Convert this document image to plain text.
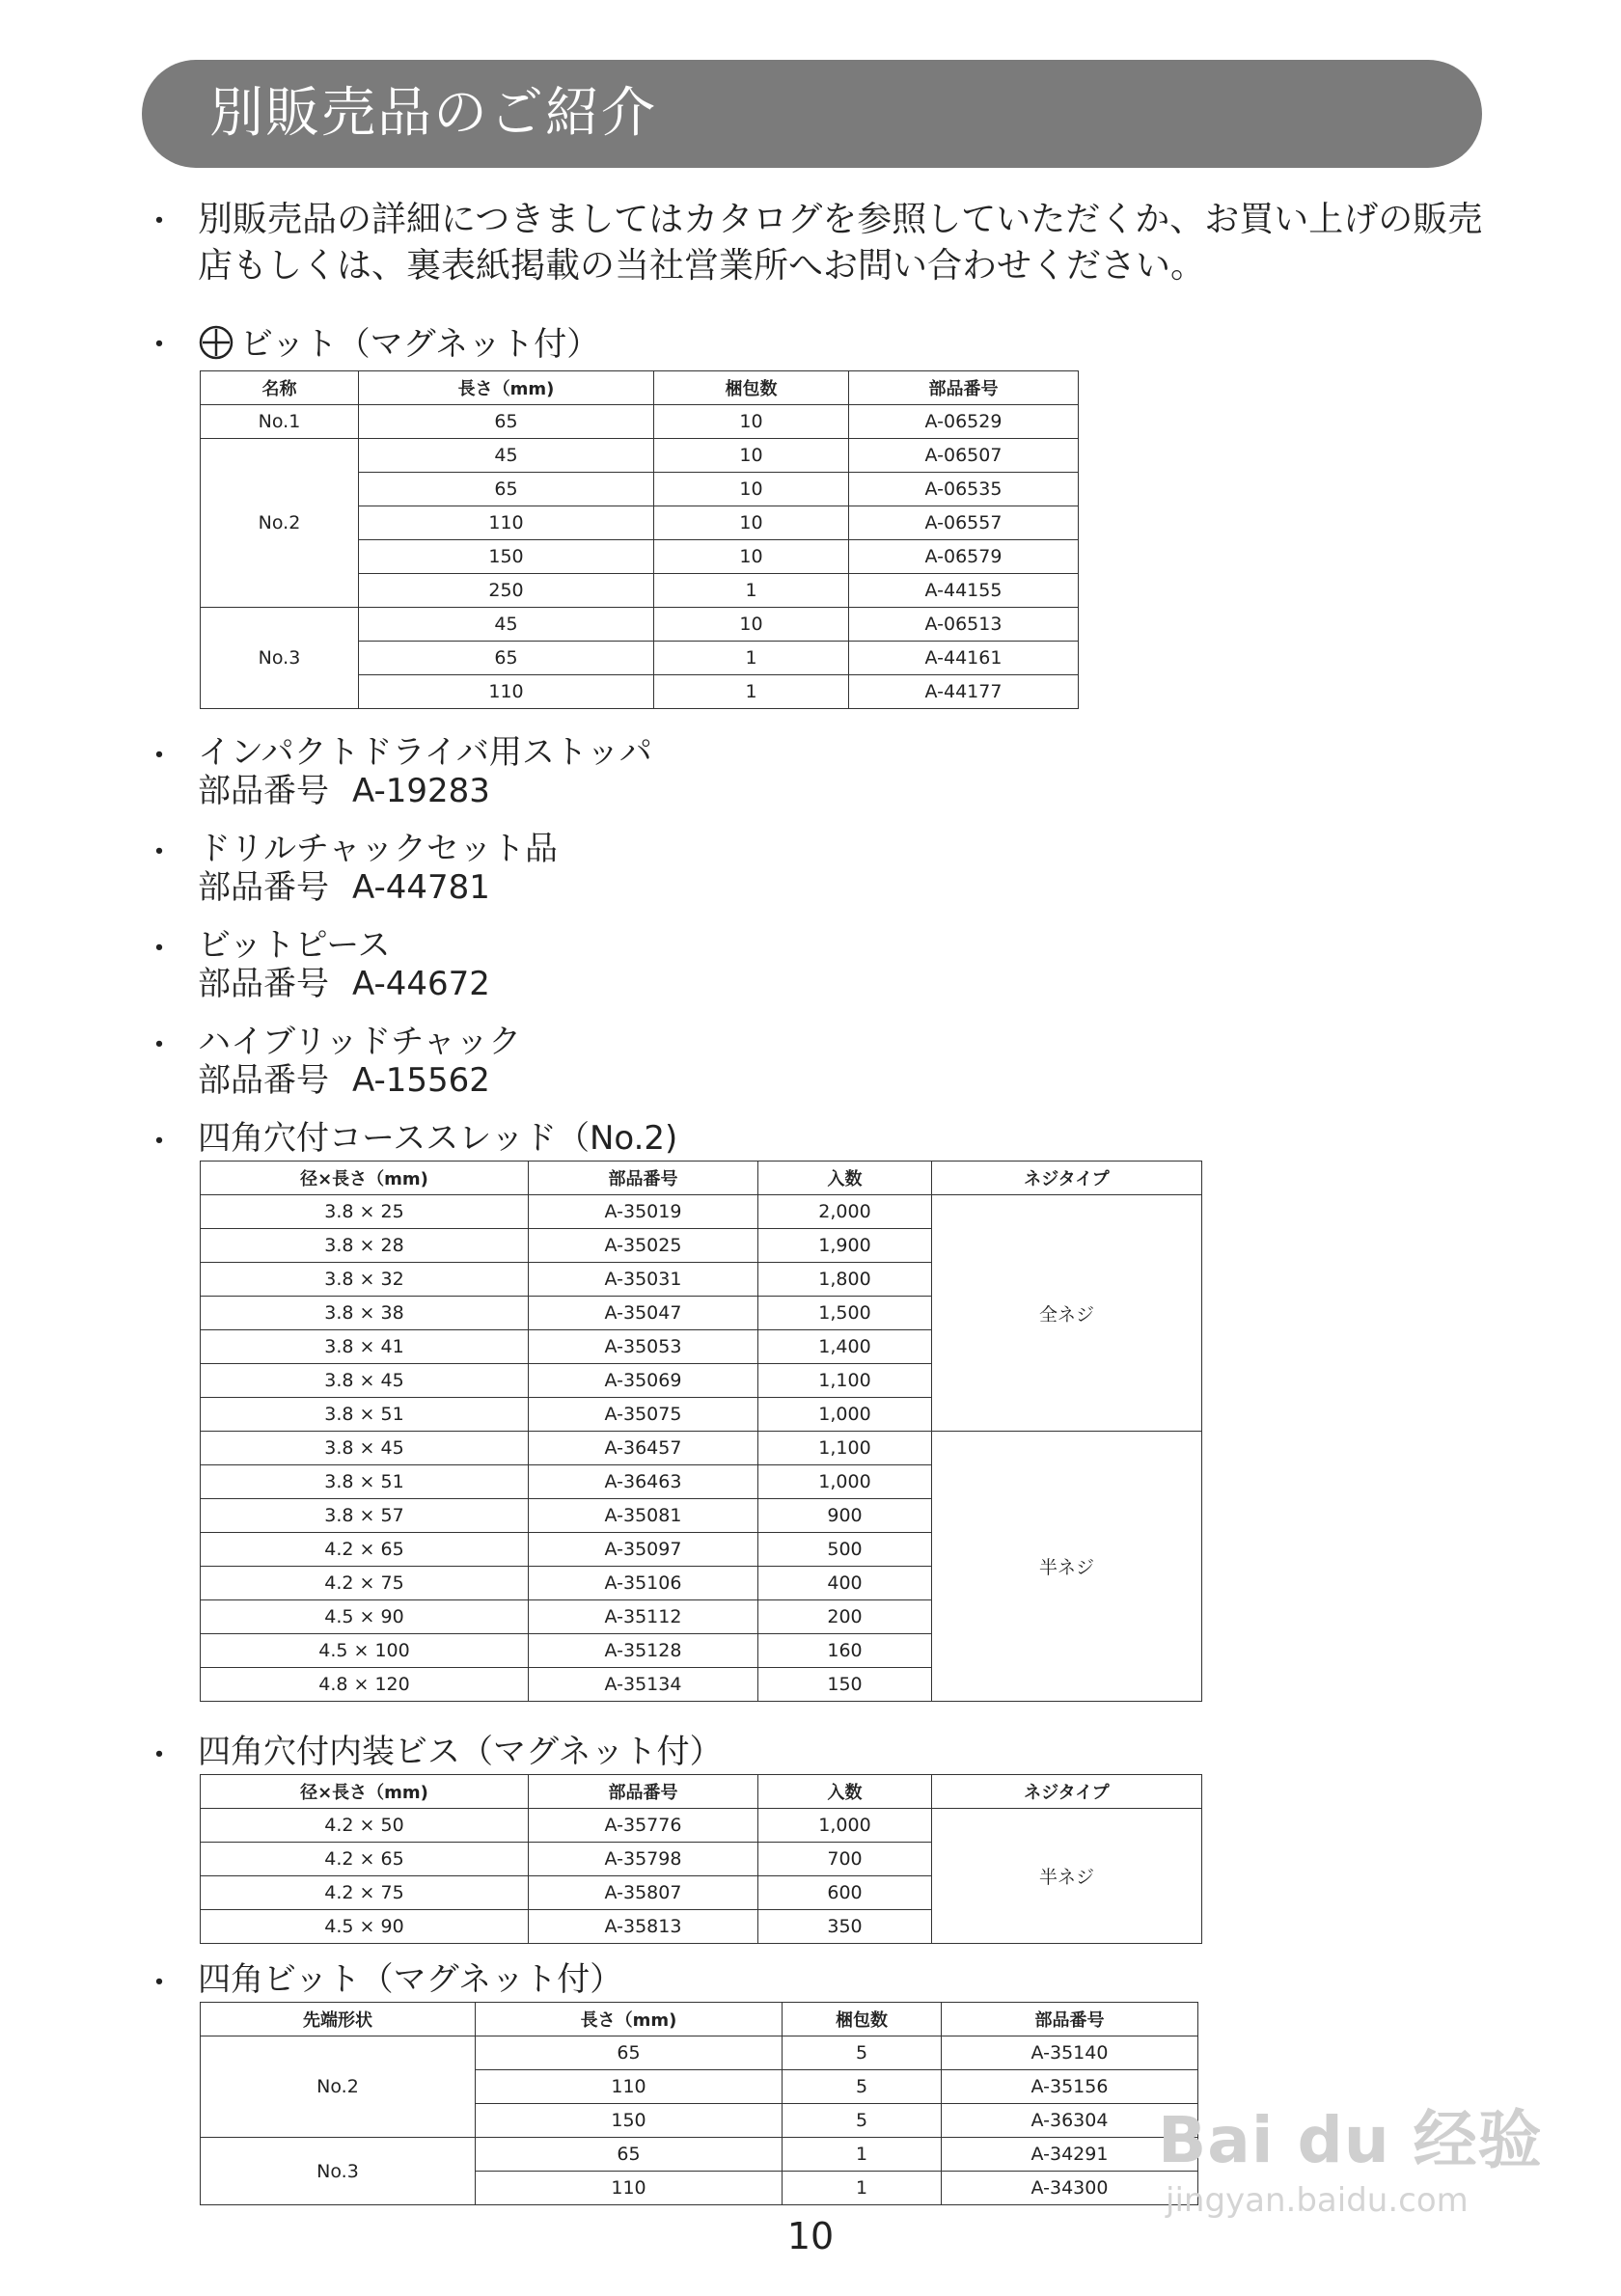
別販売品のご紹介
・ 別販売品の詳細につきましてはカタログを参照していただくか、お買い上げの販売店もしくは、裏表紙掲載の当社営業所へお問い合わせください。

・	ビット（マグネット付）
名称	長さ（mm)	梱包数	部品番号
No.1	65	10	A-06529
No.2	45	10	A-06507
	65	10	A-06535
	110	10	A-06557
	150	10	A-06579
	250	1	A-44155
No.3	45	10	A-06513
	65	1	A-44161
	110	1	A-44177
・ インパクトドライバ用ストッパ
部品番号 A-19283
・ ドリルチャックセット品
部品番号 A-44781
・ ビットピース
部品番号 A-44672
・ ハイブリッドチャック
部品番号 A-15562
・ 四角穴付コーススレッド（No.2)
径×長さ（mm)	部品番号	入数	ネジタイプ
3.8 × 25	A-35019	2,000	全ネジ
3.8 × 28	A-35025	1,900	
3.8 × 32	A-35031	1,800	
3.8 × 38	A-35047	1,500	
3.8 × 41	A-35053	1,400	
3.8 × 45	A-35069	1,100	
3.8 × 51	A-35075	1,000	
3.8 × 45	A-36457	1,100	半ネジ
3.8 × 51	A-36463	1,000	
3.8 × 57	A-35081	900	
4.2 × 65	A-35097	500	
4.2 × 75	A-35106	400	
4.5 × 90	A-35112	200	
4.5 × 100	A-35128	160	
4.8 × 120	A-35134	150	
・ 四角穴付内装ビス（マグネット付）
径×長さ（mm)	部品番号	入数	ネジタイプ
4.2 × 50	A-35776	1,000	半ネジ
4.2 × 65	A-35798	700	
4.2 × 75	A-35807	600	
4.5 × 90	A-35813	350	
・ 四角ビット（マグネット付）
先端形状	長さ（mm)	梱包数	部品番号
No.2	65	5	A-35140
	110	5	A-35156
	150	5	A-36304
No.3	65	1	A-34291
	110	1	A-34300
Bai du 经验
jingyan.baidu.com
10
